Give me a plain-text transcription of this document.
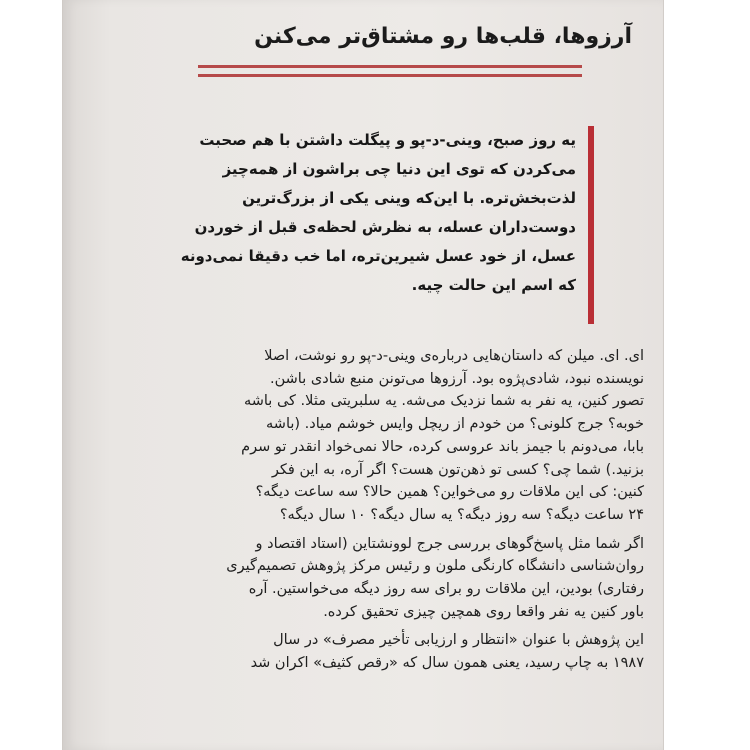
آرزوها، قلب‌ها رو مشتاق‌تر می‌کنن
یه روز صبح، وینی-د-پو و پیگلت داشتن با هم صحبت
می‌کردن که توی این دنیا چی براشون از همه‌چیز
لذت‌بخش‌تره. با این‌که وینی یکی از بزرگ‌ترین
دوست‌داران عسله، به نظرش لحظه‌ی قبل از خوردن
عسل، از خود عسل شیرین‌تره، اما خب دقیقا نمی‌دونه
که اسم این حالت چیه.
ای. ای. میلن که داستان‌هایی درباره‌ی وینی-د-پو رو نوشت، اصلا
نویسنده نبود، شادی‌پژوه بود. آرزوها می‌تونن منبع شادی باشن.
تصور کنین، یه نفر به شما نزدیک می‌شه. یه سلبریتی مثلا. کی باشه
خوبه؟ جرج کلونی؟ من خودم از ریچل وایس خوشم میاد. (باشه
بابا، می‌دونم با جیمز باند عروسی کرده، حالا نمی‌خواد انقدر تو سرم
بزنید.) شما چی؟ کسی تو ذهن‌تون هست؟ اگر آره، به این فکر
کنین: کی این ملاقات رو می‌خواین؟ همین حالا؟ سه ساعت دیگه؟
۲۴ ساعت دیگه؟ سه روز دیگه؟ یه سال دیگه؟ ۱۰ سال دیگه؟
اگر شما مثل پاسخ‌گوهای بررسی جرج لوونشتاین (استاد اقتصاد و
روان‌شناسی دانشگاه کارنگی ملون و رئیس مرکز پژوهش تصمیم‌گیری
رفتاری) بودین، این ملاقات رو برای سه روز دیگه می‌خواستین. آره
باور کنین یه نفر واقعا روی همچین چیزی تحقیق کرده.
این پژوهش با عنوان «انتظار و ارزیابی تأخیر مصرف» در سال
۱۹۸۷ به چاپ رسید، یعنی همون سال که «رقص کثیف» اکران شد
